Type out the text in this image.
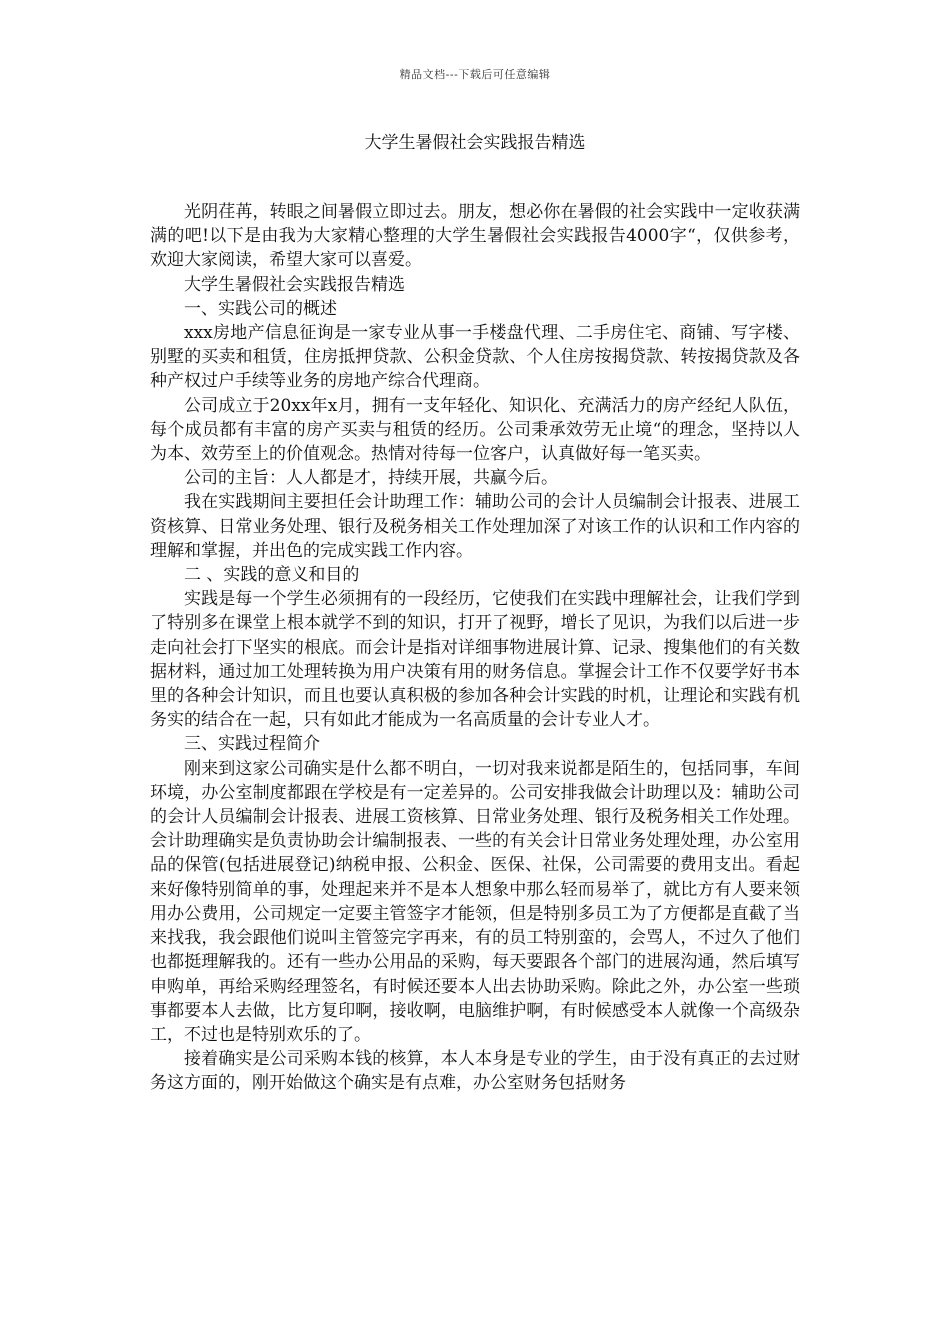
精品文档---下载后可任意编辑
大学生暑假社会实践报告精选

光阴荏苒，转眼之间暑假立即过去。朋友，想必你在暑假的社会实践中一定收获满满的吧!以下是由我为大家精心整理的大学生暑假社会实践报告4000字“，仅供参考，欢迎大家阅读，希望大家可以喜爱。

大学生暑假社会实践报告精选

一、实践公司的概述

xxx房地产信息征询是一家专业从事一手楼盘代理、二手房住宅、商铺、写字楼、别墅的买卖和租赁，住房抵押贷款、公积金贷款、个人住房按揭贷款、转按揭贷款及各种产权过户手续等业务的房地产综合代理商。

公司成立于20xx年x月，拥有一支年轻化、知识化、充满活力的房产经纪人队伍，每个成员都有丰富的房产买卖与租赁的经历。公司秉承效劳无止境“的理念，坚持以人为本、效劳至上的价值观念。热情对待每一位客户，认真做好每一笔买卖。

公司的主旨：人人都是才，持续开展，共赢今后。

我在实践期间主要担任会计助理工作：辅助公司的会计人员编制会计报表、进展工资核算、日常业务处理、银行及税务相关工作处理加深了对该工作的认识和工作内容的理解和掌握，并出色的完成实践工作内容。

二 、实践的意义和目的

实践是每一个学生必须拥有的一段经历，它使我们在实践中理解社会，让我们学到了特别多在课堂上根本就学不到的知识，打开了视野，增长了见识，为我们以后进一步走向社会打下坚实的根底。而会计是指对详细事物进展计算、记录、搜集他们的有关数据材料，通过加工处理转换为用户决策有用的财务信息。掌握会计工作不仅要学好书本里的各种会计知识，而且也要认真积极的参加各种会计实践的时机，让理论和实践有机务实的结合在一起，只有如此才能成为一名高质量的会计专业人才。

三、实践过程简介

刚来到这家公司确实是什么都不明白，一切对我来说都是陌生的，包括同事，车间环境，办公室制度都跟在学校是有一定差异的。公司安排我做会计助理以及：辅助公司的会计人员编制会计报表、进展工资核算、日常业务处理、银行及税务相关工作处理。会计助理确实是负责协助会计编制报表、一些的有关会计日常业务处理处理，办公室用品的保管(包括进展登记)纳税申报、公积金、医保、社保，公司需要的费用支出。看起来好像特别简单的事，处理起来并不是本人想象中那么轻而易举了，就比方有人要来领用办公费用，公司规定一定要主管签字才能领，但是特别多员工为了方便都是直截了当来找我，我会跟他们说叫主管签完字再来，有的员工特别蛮的，会骂人，不过久了他们也都挺理解我的。还有一些办公用品的采购，每天要跟各个部门的进展沟通，然后填写申购单，再给采购经理签名，有时候还要本人出去协助采购。除此之外，办公室一些琐事都要本人去做，比方复印啊，接收啊，电脑维护啊，有时候感受本人就像一个高级杂工，不过也是特别欢乐的了。

接着确实是公司采购本钱的核算，本人本身是专业的学生，由于没有真正的去过财务这方面的，刚开始做这个确实是有点难，办公室财务包括财务
